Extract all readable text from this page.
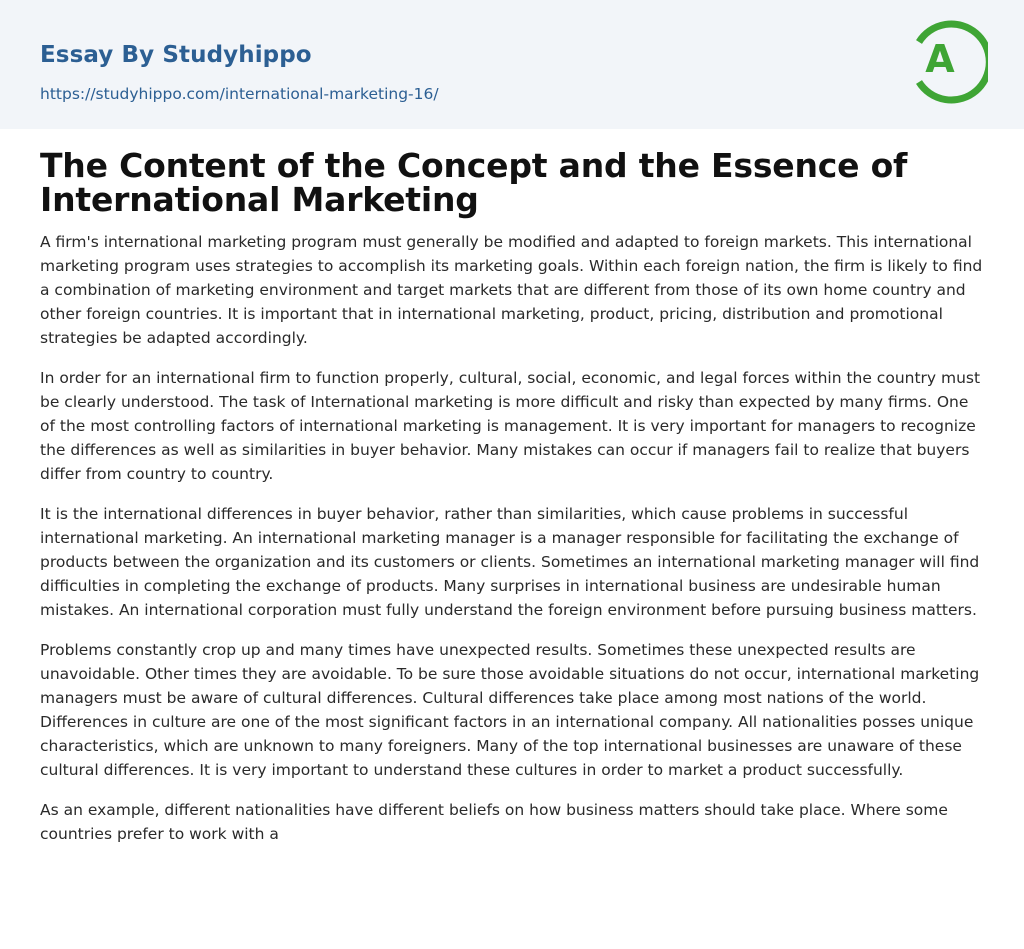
Essay By Studyhippo
https://studyhippo.com/international-marketing-16/
A
The Content of the Concept and the Essence of International Marketing

A firm's international marketing program must generally be modified and adapted to foreign markets. This international marketing program uses strategies to accomplish its marketing goals. Within each foreign nation, the firm is likely to find a combination of marketing environment and target markets that are different from those of its own home country and other foreign countries. It is important that in international marketing, product, pricing, distribution and promotional strategies be adapted accordingly.

In order for an international firm to function properly, cultural, social, economic, and legal forces within the country must be clearly understood. The task of International marketing is more difficult and risky than expected by many firms. One of the most controlling factors of international marketing is management. It is very important for managers to recognize the differences as well as similarities in buyer behavior. Many mistakes can occur if managers fail to realize that buyers differ from country to country.

It is the international differences in buyer behavior, rather than similarities, which cause problems in successful international marketing. An international marketing manager is a manager responsible for facilitating the exchange of products between the organization and its customers or clients. Sometimes an international marketing manager will find difficulties in completing the exchange of products. Many surprises in international business are undesirable human mistakes. An international corporation must fully understand the foreign environment before pursuing business matters.

Problems constantly crop up and many times have unexpected results. Sometimes these unexpected results are unavoidable. Other times they are avoidable. To be sure those avoidable situations do not occur, international marketing managers must be aware of cultural differences. Cultural differences take place among most nations of the world. Differences in culture are one of the most significant factors in an international company. All nationalities posses unique characteristics, which are unknown to many foreigners. Many of the top international businesses are unaware of these cultural differences. It is very important to understand these cultures in order to market a product successfully.

As an example, different nationalities have different beliefs on how business matters should take place. Where some countries prefer to work with a
